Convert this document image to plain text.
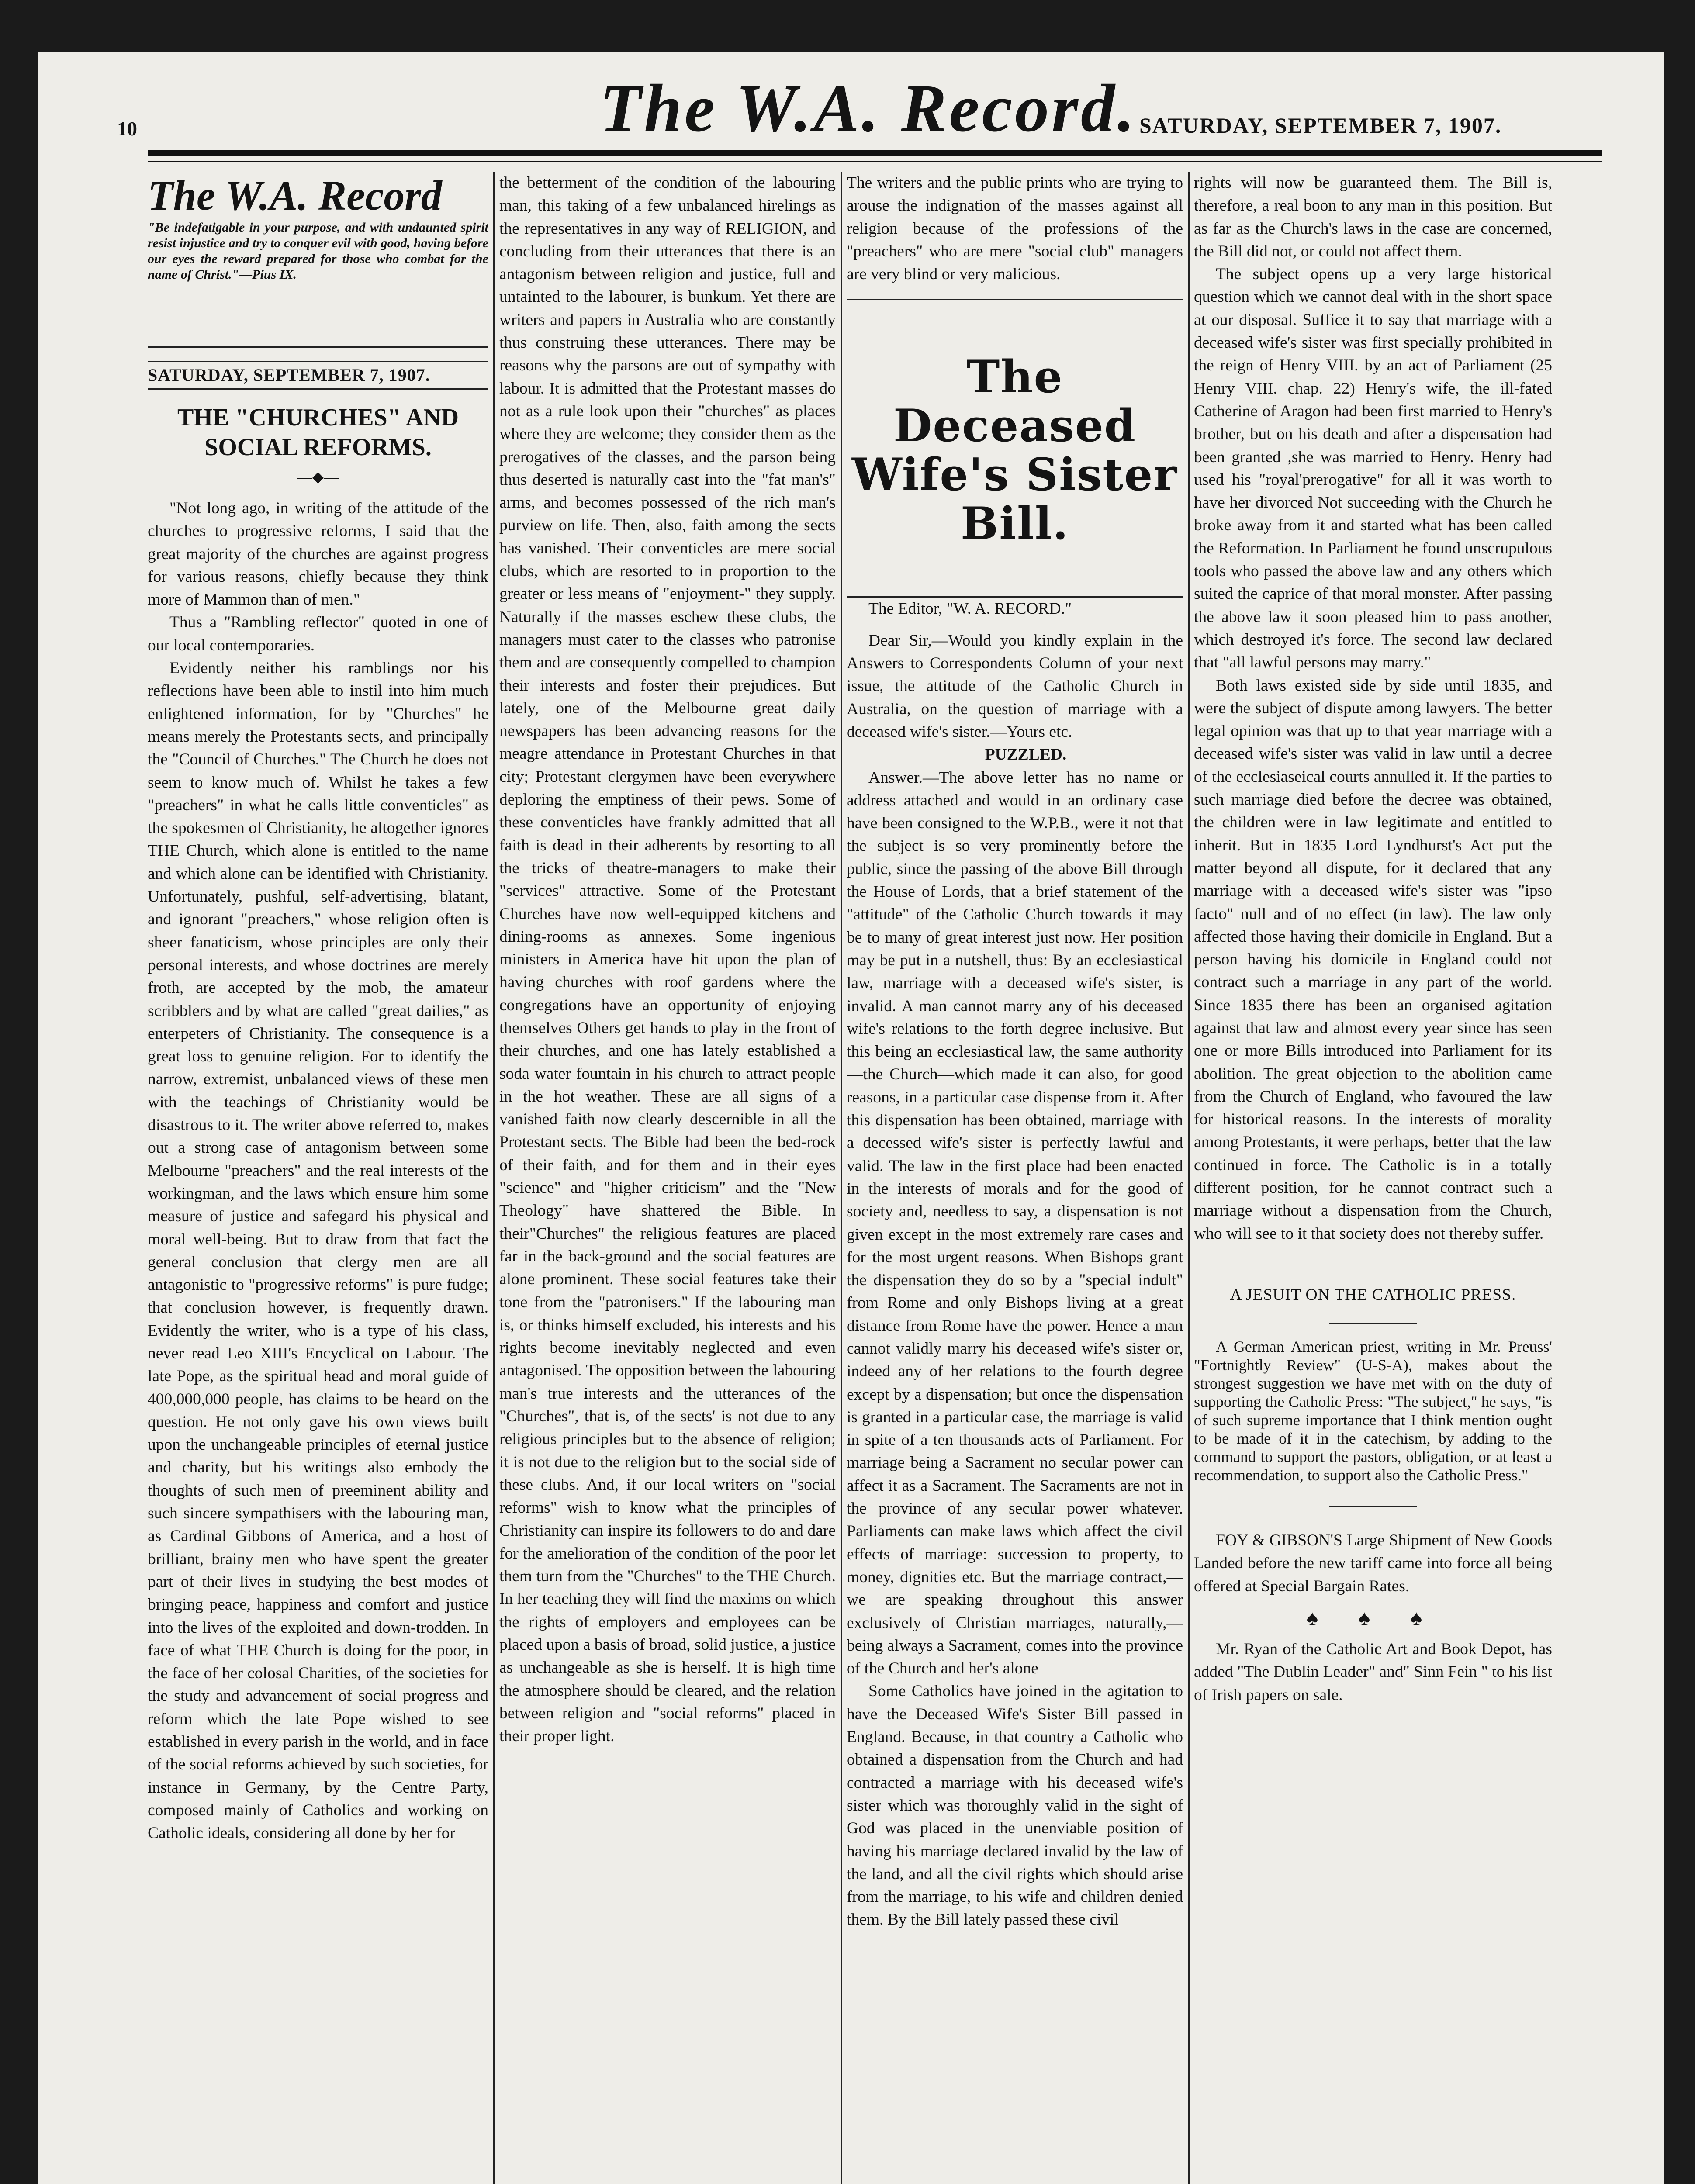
10	The W.A. Record. SATURDAY, SEPTEMBER 7, 1907.
The W.A. Record
"Be indefatigable in your purpose, and with undaunted spirit resist injustice and try to conquer evil with good, having before our eyes the reward prepared for those who combat for the name of Christ."—Pius IX.
SATURDAY, SEPTEMBER 7, 1907.
THE "CHURCHES" AND SOCIAL REFORMS.
—◆—

"Not long ago, in writing of the attitude of the churches to progressive reforms, I said that the great majority of the churches are against progress for various reasons, chiefly because they think more of Mammon than of men."

Thus a "Rambling reflector" quoted in one of our local contemporaries.

Evidently neither his ramblings nor his reflections have been able to instil into him much enlightened information, for by "Churches" he means merely the Protestants sects, and principally the "Council of Churches." The Church he does not seem to know much of. Whilst he takes a few "preachers" in what he calls little conventicles" as the spokesmen of Christianity, he altogether ignores THE Church, which alone is entitled to the name and which alone can be identified with Christianity. Unfortunately, pushful, self-advertising, blatant, and ignorant "preachers," whose religion often is sheer fanaticism, whose principles are only their personal interests, and whose doctrines are merely froth, are accepted by the mob, the amateur scribblers and by what are called "great dailies," as enterpeters of Christianity. The consequence is a great loss to genuine religion. For to identify the narrow, extremist, unbalanced views of these men with the teachings of Christianity would be disastrous to it. The writer above referred to, makes out a strong case of antagonism between some Melbourne "preachers" and the real interests of the workingman, and the laws which ensure him some measure of justice and safegard his physical and moral well-being. But to draw from that fact the general conclusion that clergy men are all antagonistic to "progressive reforms" is pure fudge; that conclusion however, is frequently drawn. Evidently the writer, who is a type of his class, never read Leo XIII's Encyclical on Labour. The late Pope, as the spiritual head and moral guide of 400,000,000 people, has claims to be heard on the question. He not only gave his own views built upon the unchangeable principles of eternal justice and charity, but his writings also embody the thoughts of such men of preeminent ability and such sincere sympathisers with the labouring man, as Cardinal Gibbons of America, and a host of brilliant, brainy men who have spent the greater part of their lives in studying the best modes of bringing peace, happiness and comfort and justice into the lives of the exploited and down-trodden. In face of what THE Church is doing for the poor, in the face of her colosal Charities, of the societies for the study and advancement of social progress and reform which the late Pope wished to see established in every parish in the world, and in face of the social reforms achieved by such societies, for instance in Germany, by the Centre Party, composed mainly of Catholics and working on Catholic ideals, considering all done by her for

the betterment of the condition of the labouring man, this taking of a few unbalanced hirelings as the representatives in any way of RELIGION, and concluding from their utterances that there is an antagonism between religion and justice, full and untainted to the labourer, is bunkum. Yet there are writers and papers in Australia who are constantly thus construing these utterances. There may be reasons why the parsons are out of sympathy with labour. It is admitted that the Protestant masses do not as a rule look upon their "churches" as places where they are welcome; they consider them as the prerogatives of the classes, and the parson being thus deserted is naturally cast into the "fat man's" arms, and becomes possessed of the rich man's purview on life. Then, also, faith among the sects has vanished. Their conventicles are mere social clubs, which are resorted to in proportion to the greater or less means of "enjoyment-" they supply. Naturally if the masses eschew these clubs, the managers must cater to the classes who patronise them and are consequently compelled to champion their interests and foster their prejudices. But lately, one of the Melbourne great daily newspapers has been advancing reasons for the meagre attendance in Protestant Churches in that city; Protestant clergymen have been everywhere deploring the emptiness of their pews. Some of these conventicles have frankly admitted that all faith is dead in their adherents by resorting to all the tricks of theatre-managers to make their "services" attractive. Some of the Protestant Churches have now well-equipped kitchens and dining-rooms as annexes. Some ingenious ministers in America have hit upon the plan of having churches with roof gardens where the congregations have an opportunity of enjoying themselves Others get hands to play in the front of their churches, and one has lately established a soda water fountain in his church to attract people in the hot weather. These are all signs of a vanished faith now clearly descernible in all the Protestant sects. The Bible had been the bed-rock of their faith, and for them and in their eyes "science" and "higher criticism" and the "New Theology" have shattered the Bible. In their"Churches" the religious features are placed far in the back-ground and the social features are alone prominent. These social features take their tone from the "patronisers." If the labouring man is, or thinks himself excluded, his interests and his rights become inevitably neglected and even antagonised. The opposition between the labouring man's true interests and the utterances of the "Churches", that is, of the sects' is not due to any religious principles but to the absence of religion; it is not due to the religion but to the social side of these clubs. And, if our local writers on "social reforms" wish to know what the principles of Christianity can inspire its followers to do and dare for the amelioration of the condition of the poor let them turn from the "Churches" to the THE Church. In her teaching they will find the maxims on which the rights of employers and employees can be placed upon a basis of broad, solid justice, a justice as unchangeable as she is herself. It is high time the atmosphere should be cleared, and the relation between religion and "social reforms" placed in their proper light.

The writers and the public prints who are trying to arouse the indignation of the masses against all religion because of the professions of the "preachers" who are mere "social club" managers are very blind or very malicious.

The Deceased Wife's Sister Bill.

The Editor, "W. A. RECORD."

Dear Sir,—Would you kindly explain in the Answers to Correspondents Column of your next issue, the attitude of the Catholic Church in Australia, on the question of marriage with a deceased wife's sister.—Yours etc.

PUZZLED.

Answer.—The above letter has no name or address attached and would in an ordinary case have been consigned to the W.P.B., were it not that the subject is so very prominently before the public, since the passing of the above Bill through the House of Lords, that a brief statement of the "attitude" of the Catholic Church towards it may be to many of great interest just now. Her position may be put in a nutshell, thus: By an ecclesiastical law, marriage with a deceased wife's sister, is invalid. A man cannot marry any of his deceased wife's relations to the forth degree inclusive. But this being an ecclesiastical law, the same authority—the Church—which made it can also, for good reasons, in a particular case dispense from it. After this dispensation has been obtained, marriage with a decessed wife's sister is perfectly lawful and valid. The law in the first place had been enacted in the interests of morals and for the good of society and, needless to say, a dispensation is not given except in the most extremely rare cases and for the most urgent reasons. When Bishops grant the dispensation they do so by a "special indult" from Rome and only Bishops living at a great distance from Rome have the power. Hence a man cannot validly marry his deceased wife's sister or, indeed any of her relations to the fourth degree except by a dispensation; but once the dispensation is granted in a particular case, the marriage is valid in spite of a ten thousands acts of Parliament. For marriage being a Sacrament no secular power can affect it as a Sacrament. The Sacraments are not in the province of any secular power whatever. Parliaments can make laws which affect the civil effects of marriage: succession to property, to money, dignities etc. But the marriage contract,—we are speaking throughout this answer exclusively of Christian marriages, naturally,—being always a Sacrament, comes into the province of the Church and her's alone

Some Catholics have joined in the agitation to have the Deceased Wife's Sister Bill passed in England. Because, in that country a Catholic who obtained a dispensation from the Church and had contracted a marriage with his deceased wife's sister which was thoroughly valid in the sight of God was placed in the unenviable position of having his marriage declared invalid by the law of the land, and all the civil rights which should arise from the marriage, to his wife and children denied them. By the Bill lately passed these civil

rights will now be guaranteed them. The Bill is, therefore, a real boon to any man in this position. But as far as the Church's laws in the case are concerned, the Bill did not, or could not affect them.

The subject opens up a very large historical question which we cannot deal with in the short space at our disposal. Suffice it to say that marriage with a deceased wife's sister was first specially prohibited in the reign of Henry VIII. by an act of Parliament (25 Henry VIII. chap. 22) Henry's wife, the ill-fated Catherine of Aragon had been first married to Henry's brother, but on his death and after a dispensation had been granted ,she was married to Henry. Henry had used his "royal'prerogative" for all it was worth to have her divorced Not succeeding with the Church he broke away from it and started what has been called the Reformation. In Parliament he found unscrupulous tools who passed the above law and any others which suited the caprice of that moral monster. After passing the above law it soon pleased him to pass another, which destroyed it's force. The second law declared that "all lawful persons may marry."

Both laws existed side by side until 1835, and were the subject of dispute among lawyers. The better legal opinion was that up to that year marriage with a deceased wife's sister was valid in law until a decree of the ecclesiaseical courts annulled it. If the parties to such marriage died before the decree was obtained, the children were in law legitimate and entitled to inherit. But in 1835 Lord Lyndhurst's Act put the matter beyond all dispute, for it declared that any marriage with a deceased wife's sister was "ipso facto" null and of no effect (in law). The law only affected those having their domicile in England. But a person having his domicile in England could not contract such a marriage in any part of the world. Since 1835 there has been an organised agitation against that law and almost every year since has seen one or more Bills introduced into Parliament for its abolition. The great objection to the abolition came from the Church of England, who favoured the law for historical reasons. In the interests of morality among Protestants, it were perhaps, better that the law continued in force. The Catholic is in a totally different position, for he cannot contract such a marriage without a dispensation from the Church, who will see to it that society does not thereby suffer.

A JESUIT ON THE CATHOLIC PRESS.

A German American priest, writing in Mr. Preuss' "Fortnightly Review" (U-S-A), makes about the strongest suggestion we have met with on the duty of supporting the Catholic Press: "The subject," he says, "is of such supreme importance that I think mention ought to be made of it in the catechism, by adding to the command to support the pastors, obligation, or at least a recommendation, to support also the Catholic Press."

FOY & GIBSON'S Large Shipment of New Goods Landed before the new tariff came into force all being offered at Special Bargain Rates.

♠ ♠ ♠

Mr. Ryan of the Catholic Art and Book Depot, has added "The Dublin Leader" and" Sinn Fein " to his list of Irish papers on sale.
